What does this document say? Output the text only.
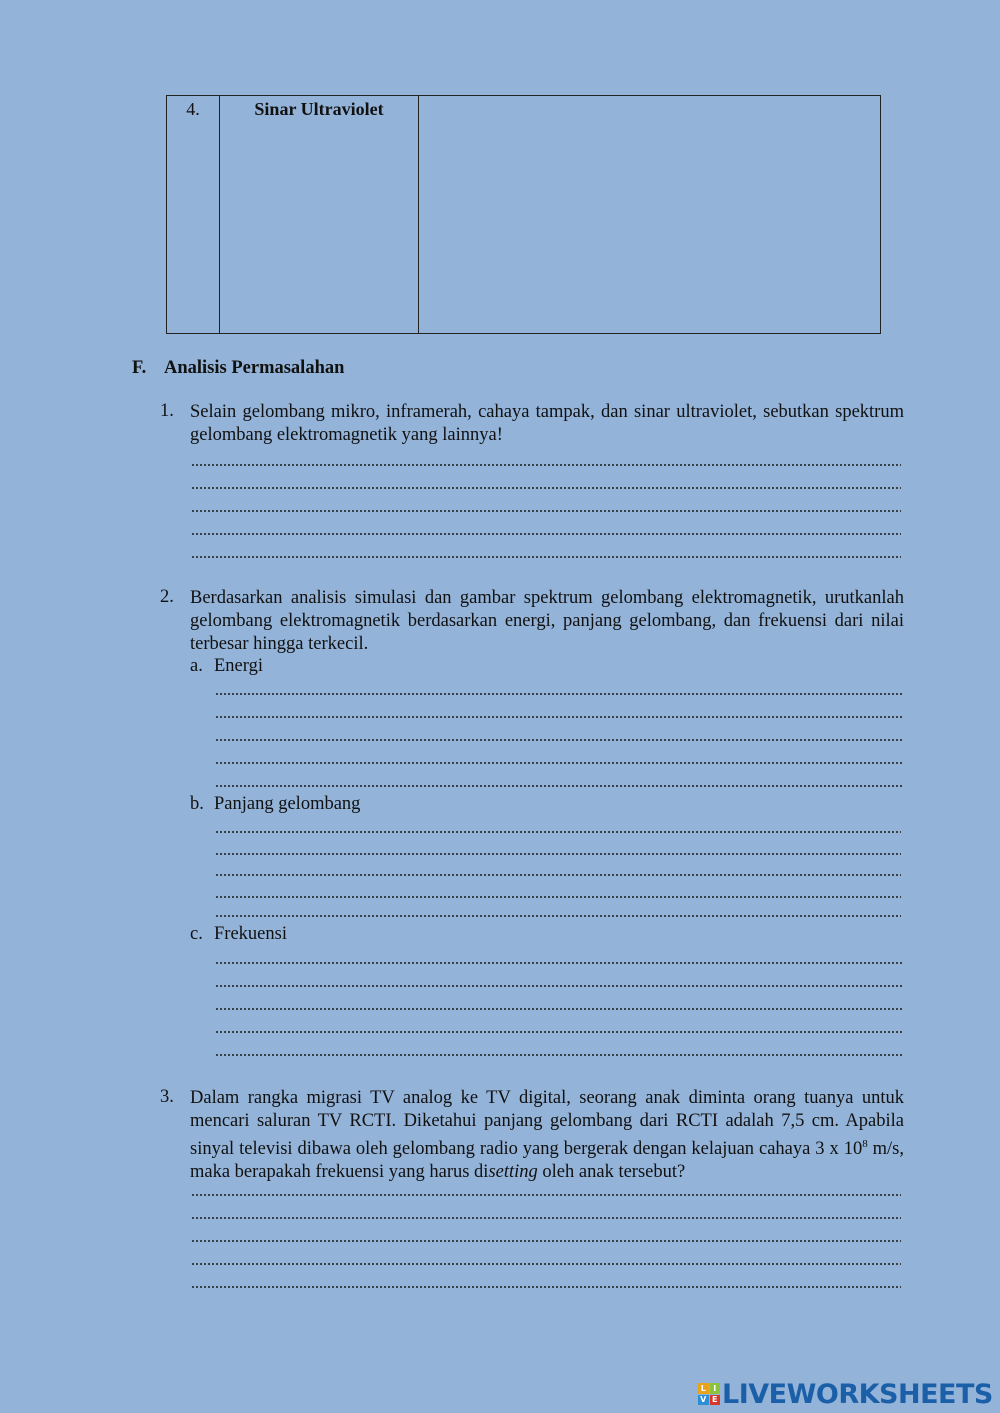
4.	Sinar Ultraviolet	
F. Analisis Permasalahan
1. Selain gelombang mikro, inframerah, cahaya tampak, dan sinar ultraviolet, sebutkan spektrum gelombang elektromagnetik yang lainnya!
2. Berdasarkan analisis simulasi dan gambar spektrum gelombang elektromagnetik, urutkanlah gelombang elektromagnetik berdasarkan energi, panjang gelombang, dan frekuensi dari nilai terbesar hingga terkecil.
a. Energi
b. Panjang gelombang
c. Frekuensi
3. Dalam rangka migrasi TV analog ke TV digital, seorang anak diminta orang tuanya untuk mencari saluran TV RCTI. Diketahui panjang gelombang dari RCTI adalah 7,5 cm. Apabila sinyal televisi dibawa oleh gelombang radio yang bergerak dengan kelajuan cahaya 3 x $10^8$ m/s, maka berapakah frekuensi yang harus disetting oleh anak tersebut?
L I
V E LIVEWORKSHEETS
